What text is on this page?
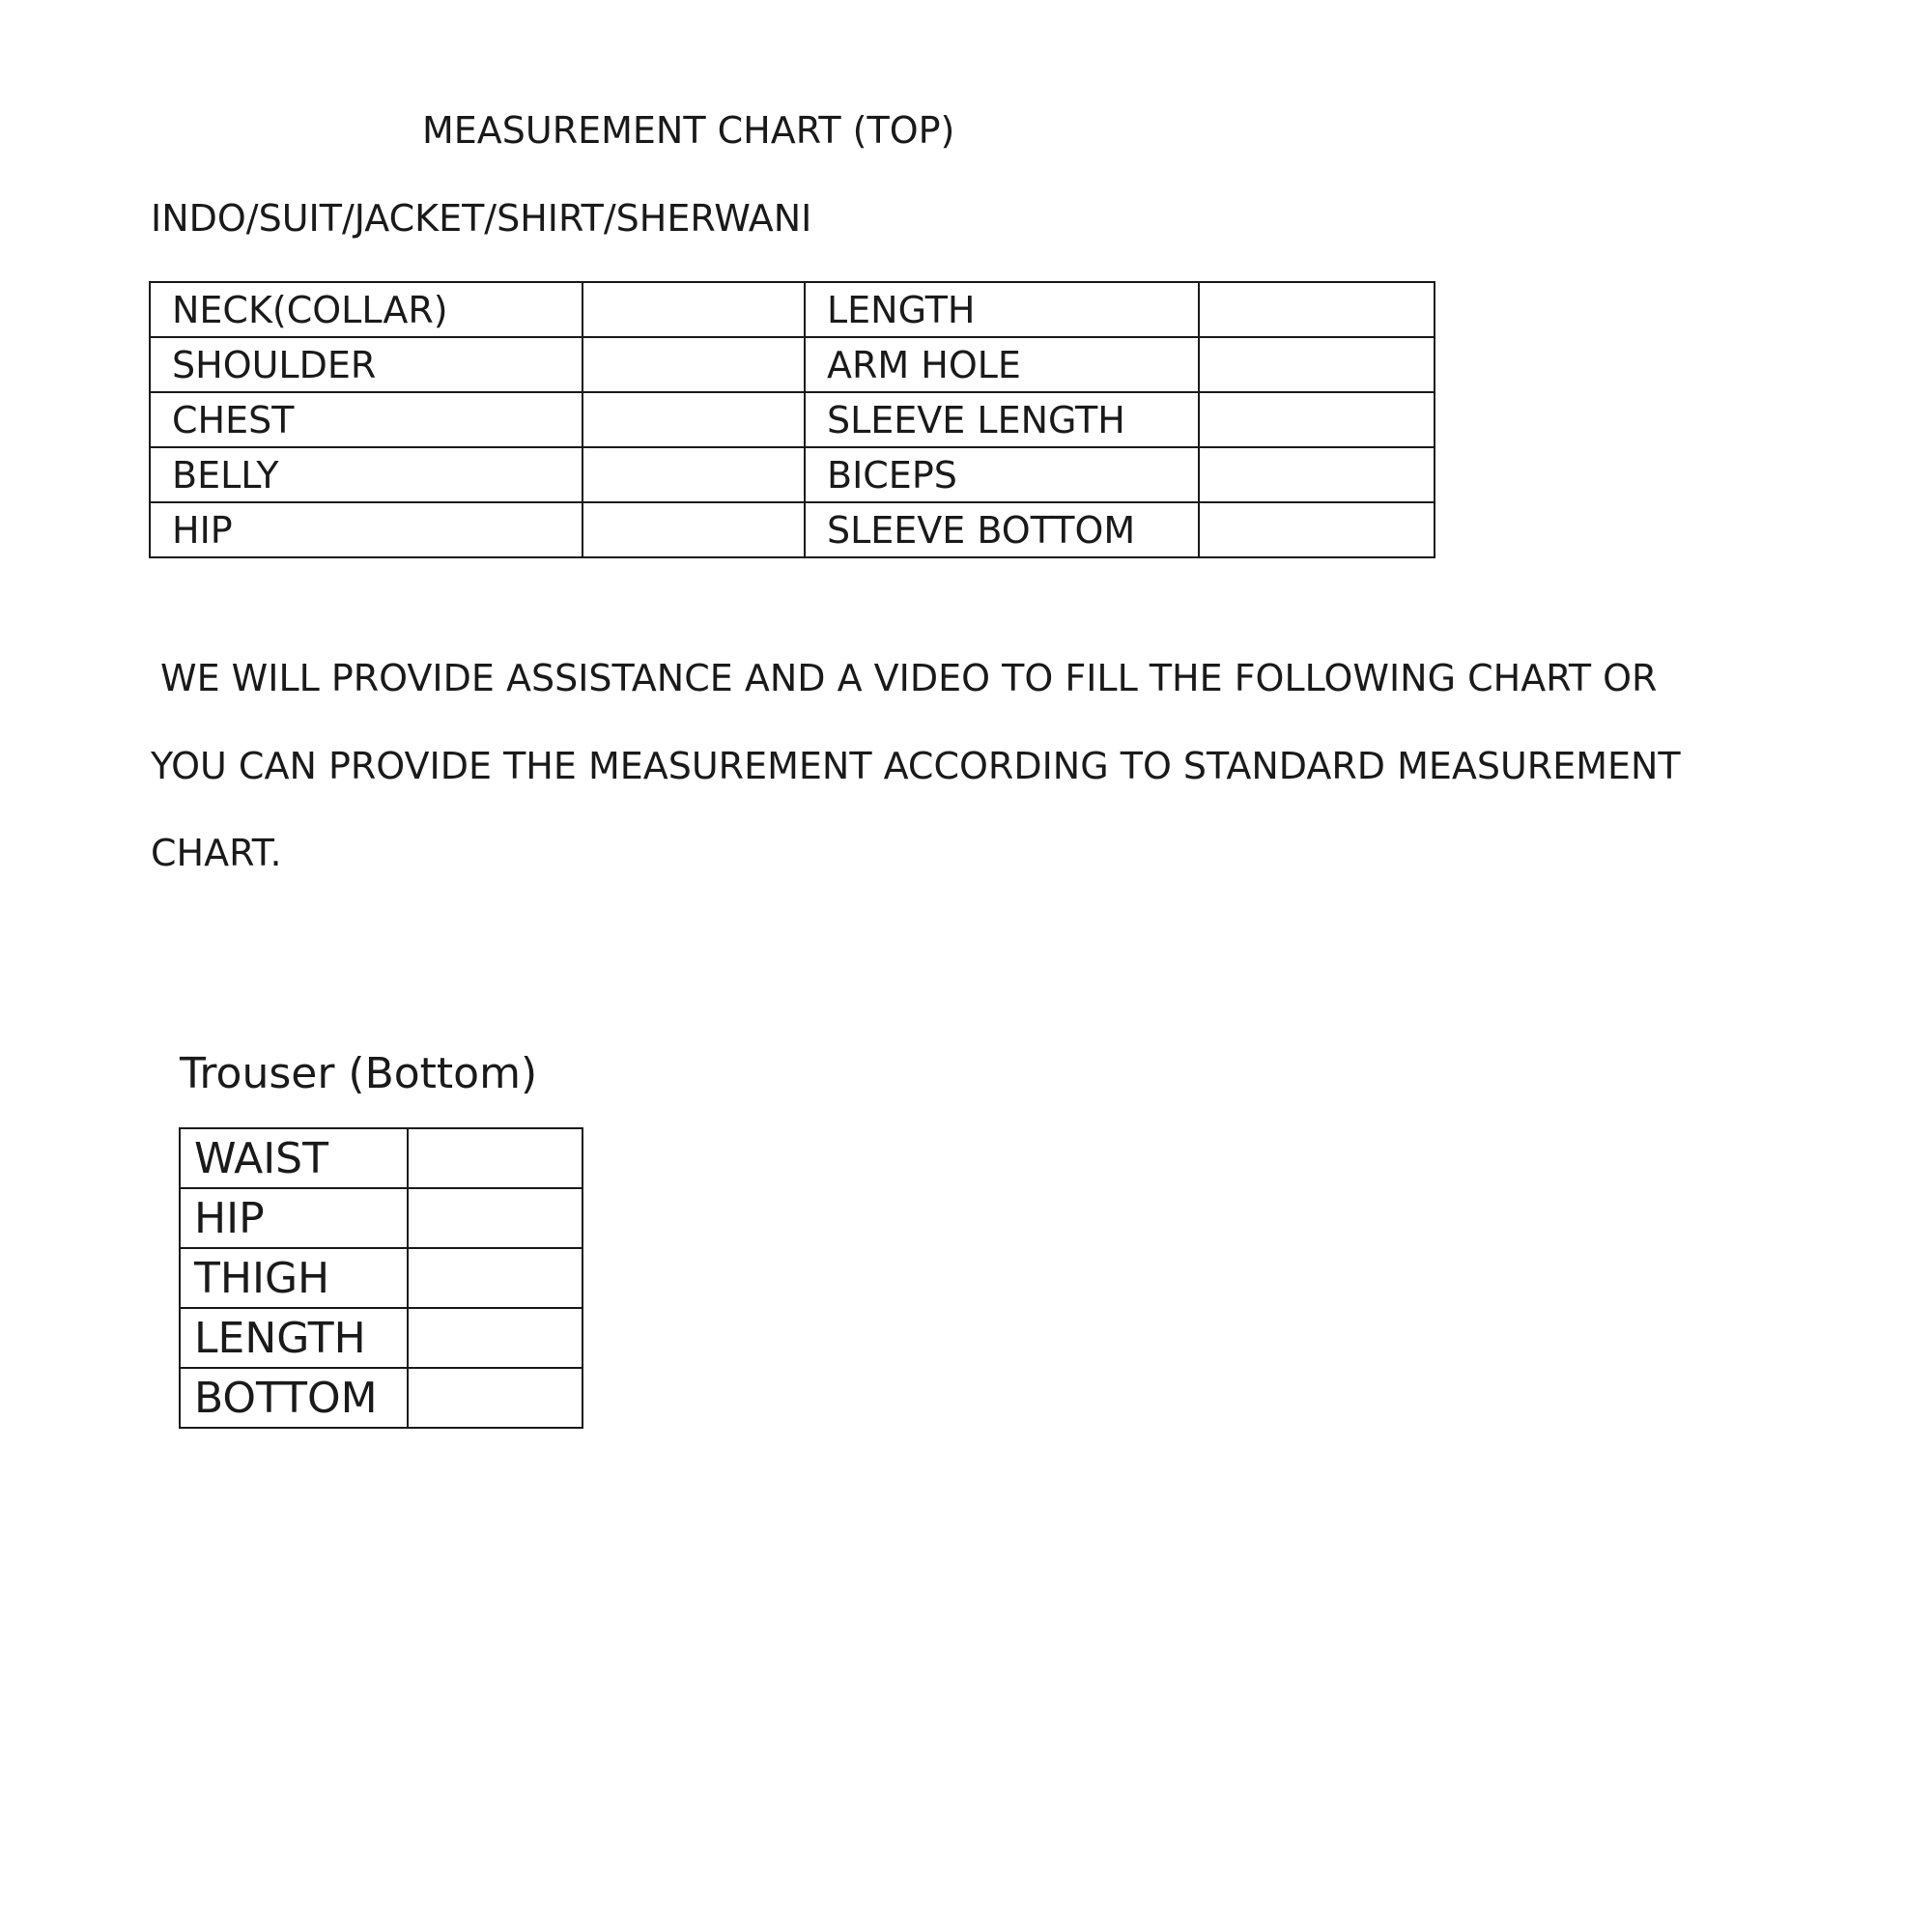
MEASUREMENT CHART (TOP)

INDO/SUIT/JACKET/SHIRT/SHERWANI

NECK(COLLAR)		LENGTH	
SHOULDER		ARM HOLE	
CHEST		SLEEVE LENGTH	
BELLY		BICEPS	
HIP		SLEEVE BOTTOM	

WE WILL PROVIDE ASSISTANCE AND A VIDEO TO FILL THE FOLLOWING CHART OR

YOU CAN PROVIDE THE MEASUREMENT ACCORDING TO STANDARD MEASUREMENT

CHART.

Trouser (Bottom)

WAIST	
HIP	
THIGH	
LENGTH	
BOTTOM	
